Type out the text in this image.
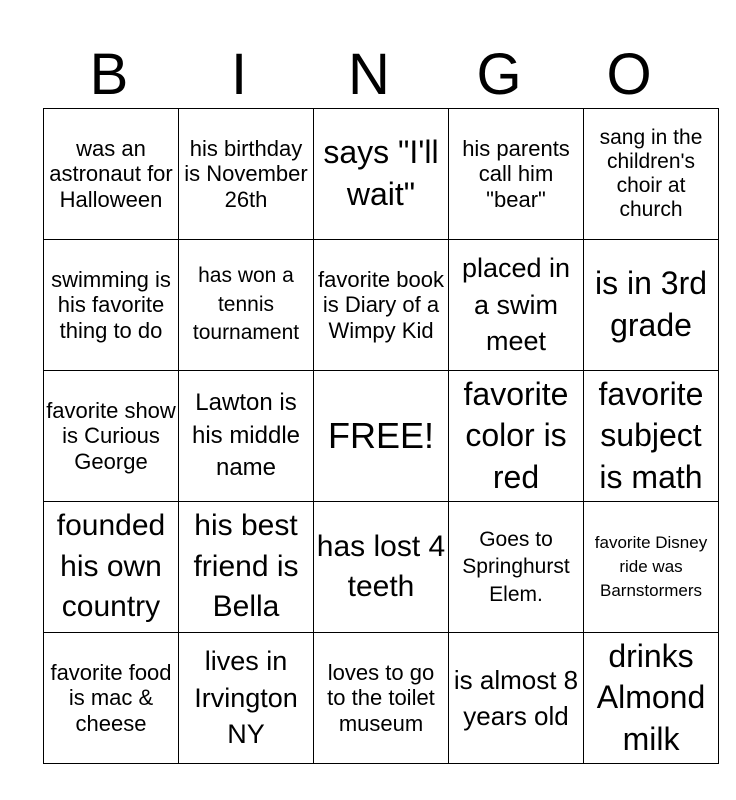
B	I	N	G	O
was an astronaut for Halloween	his birthday is November 26th	says "I'll wait"	his parents call him "bear"	sang in the children's choir at church

swimming is his favorite thing to do	has won a tennis tournament	favorite book is Diary of a Wimpy Kid	placed in a swim meet	is in 3rd grade

favorite show is Curious George	Lawton is his middle name	FREE!	favorite color is red	favorite subject is math

founded his own country	his best friend is Bella	has lost 4 teeth	Goes to Springhurst Elem.	favorite Disney ride was Barnstormers

favorite food is mac & cheese	lives in Irvington NY	loves to go to the toilet museum	is almost 8 years old	drinks Almond milk
